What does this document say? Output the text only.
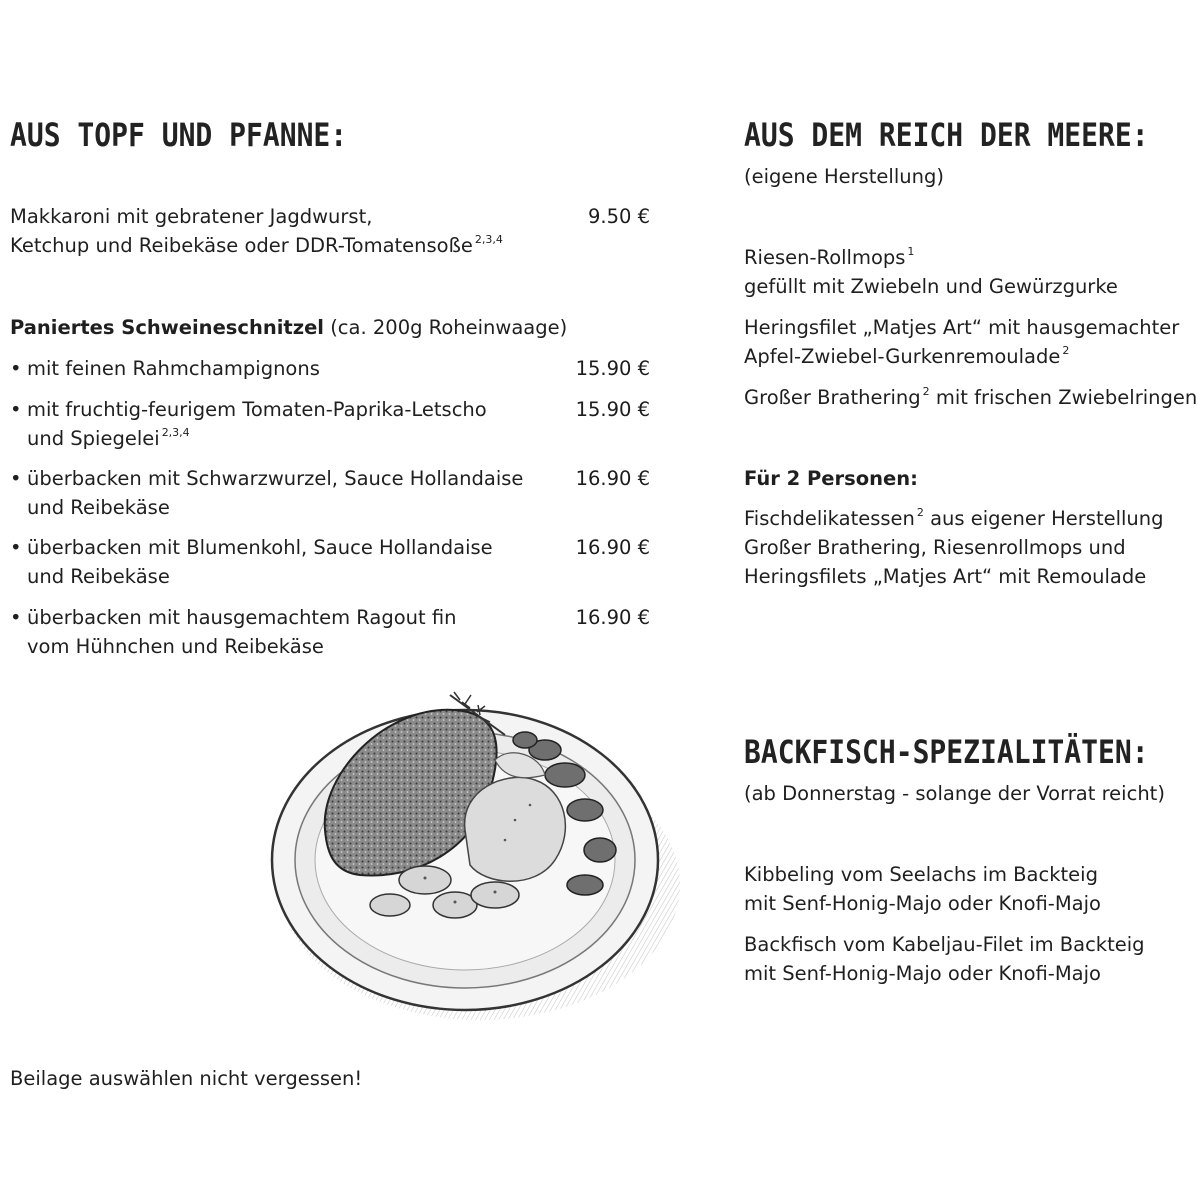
AUS TOPF UND PFANNE:
Makkaroni mit gebratener Jagdwurst,
Ketchup und Reibekäse oder DDR-Tomatensoße $^{2,3,4}$
9.50 €
Paniertes Schweineschnitzel (ca. 200g Roheinwaage)
• mit feinen Rahmchampignons	15.90 €
• mit fruchtig-feurigem Tomaten-Paprika-Letscho
und Spiegelei $^{2,3,4}$
15.90 €
• überbacken mit Schwarzwurzel, Sauce Hollandaise
und Reibekäse
16.90 €
• überbacken mit Blumenkohl, Sauce Hollandaise
und Reibekäse
16.90 €
• überbacken mit hausgemachtem Ragout fin
vom Hühnchen und Reibekäse
16.90 €
Beilage auswählen nicht vergessen!
AUS DEM REICH DER MEERE:
(eigene Herstellung)
Riesen-Rollmops $^1$
gefüllt mit Zwiebeln und Gewürzgurke
Heringsfilet „Matjes Art“ mit hausgemachter
Apfel-Zwiebel-Gurkenremoulade $^2$
Großer Brathering $^2$ mit frischen Zwiebelringen
Für 2 Personen:
Fischdelikatessen $^2$ aus eigener Herstellung
Großer Brathering, Riesenrollmops und
Heringsfilets „Matjes Art“ mit Remoulade
BACKFISCH-SPEZIALITÄTEN:
(ab Donnerstag - solange der Vorrat reicht)
Kibbeling vom Seelachs im Backteig
mit Senf-Honig-Majo oder Knofi-Majo
Backfisch vom Kabeljau-Filet im Backteig
mit Senf-Honig-Majo oder Knofi-Majo
